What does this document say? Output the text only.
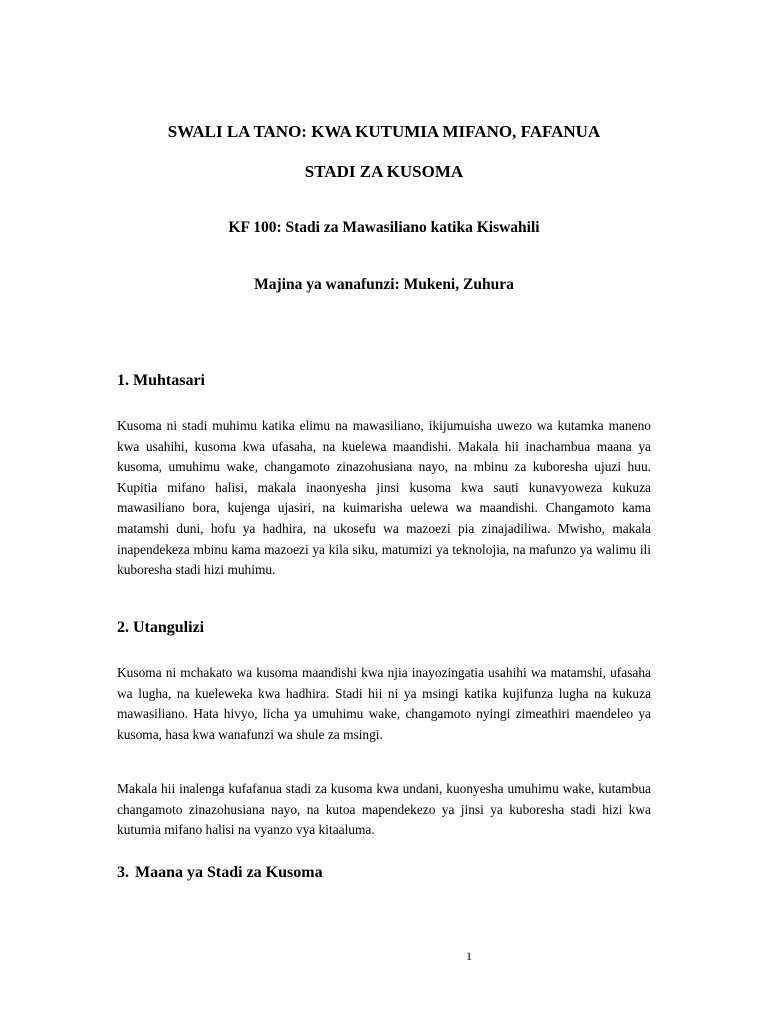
SWALI LA TANO: KWA KUTUMIA MIFANO, FAFANUA
STADI ZA KUSOMA
KF 100: Stadi za Mawasiliano katika Kiswahili
Majina ya wanafunzi: Mukeni, Zuhura
1. Muhtasari

Kusoma ni stadi muhimu katika elimu na mawasiliano, ikijumuisha uwezo wa kutamka maneno kwa usahihi, kusoma kwa ufasaha, na kuelewa maandishi. Makala hii inachambua maana ya kusoma, umuhimu wake, changamoto zinazohusiana nayo, na mbinu za kuboresha ujuzi huu. Kupitia mifano halisi, makala inaonyesha jinsi kusoma kwa sauti kunavyoweza kukuza mawasiliano bora, kujenga ujasiri, na kuimarisha uelewa wa maandishi. Changamoto kama matamshi duni, hofu ya hadhira, na ukosefu wa mazoezi pia zinajadiliwa. Mwisho, makala inapendekeza mbinu kama mazoezi ya kila siku, matumizi ya teknolojia, na mafunzo ya walimu ili kuboresha stadi hizi muhimu.

2. Utangulizi

Kusoma ni mchakato wa kusoma maandishi kwa njia inayozingatia usahihi wa matamshi, ufasaha wa lugha, na kueleweka kwa hadhira. Stadi hii ni ya msingi katika kujifunza lugha na kukuza mawasiliano. Hata hivyo, licha ya umuhimu wake, changamoto nyingi zimeathiri maendeleo ya kusoma, hasa kwa wanafunzi wa shule za msingi.

Makala hii inalenga kufafanua stadi za kusoma kwa undani, kuonyesha umuhimu wake, kutambua changamoto zinazohusiana nayo, na kutoa mapendekezo ya jinsi ya kuboresha stadi hizi kwa kutumia mifano halisi na vyanzo vya kitaaluma.

3. Maana ya Stadi za Kusoma
1
